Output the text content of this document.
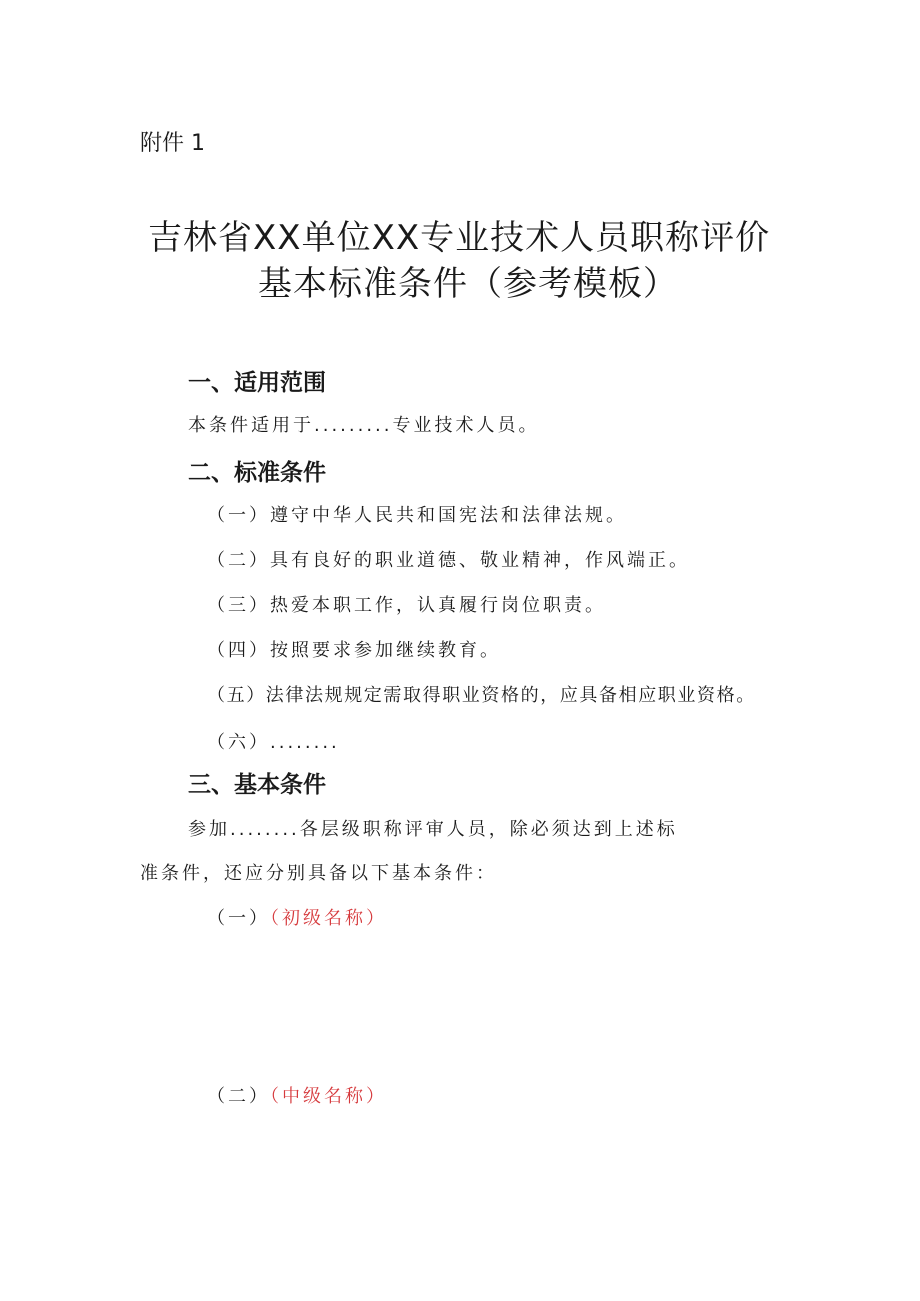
附件 1
吉林省XX单位XX专业技术人员职称评价
基本标准条件（参考模板）
一、适用范围
本条件适用于.........专业技术人员。
二、标准条件
（一）遵守中华人民共和国宪法和法律法规。
（二）具有良好的职业道德、敬业精神，作风端正。
（三）热爱本职工作，认真履行岗位职责。
（四）按照要求参加继续教育。
（五）法律法规规定需取得职业资格的，应具备相应职业资格。
（六）........
三、基本条件
参加........各层级职称评审人员，除必须达到上述标
准条件，还应分别具备以下基本条件：
（一）（初级名称）
（二）（中级名称）
